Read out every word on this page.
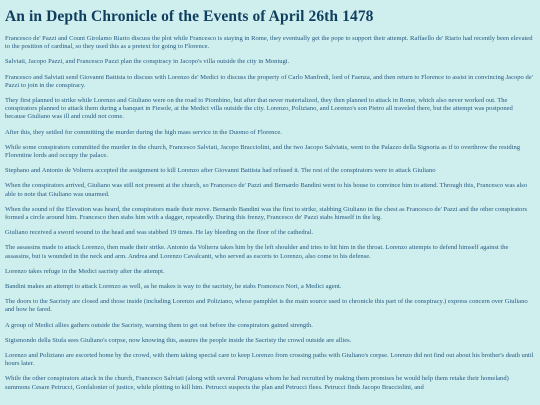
An in Depth Chronicle of the Events of April 26th 1478

Francesco de' Pazzi and Count Girolamo Riario discuss the plot while Francesco is staying in Rome, they eventually get the pope to support their attempt. Raffaello de' Riario had recently been elevated to the position of cardinal, so they used this as a pretext for going to Florence.

Salviati, Jacopo Pazzi, and Francesco Pazzi plan the conspiracy in Jacopo's villa outside the city in Montugi.

Francesco and Salviati send Giovanni Battista to discuss with Lorenzo de' Medici to discuss the property of Carlo Manfredi, lord of Faenza, and then return to Florence to assist in convincing Jacopo de' Pazzi to join in the conspiracy.

They first planned to strike while Lorenzo and Giuliano were on the road to Piombino, but after that never materialized, they then planned to attack in Rome, which also never worked out. The conspirators planned to attack them during a banquet in Fiesole, at the Medici villa outside the city. Lorenzo, Poliziano, and Lorenzo's son Pietro all traveled there, but the attempt was postponed because Giuliano was ill and could not come.

After this, they settled for committing the murder during the high mass service in the Duomo of Florence.

While some conspirators committed the murder in the church, Francesco Salviati, Jacopo Bracciolini, and the two Jacopo Salviatis, went to the Palazzo della Signoria as if to overthrow the residing Florentine lords and occupy the palace.

Stephano and Antonio de Volterra accepted the assignment to kill Lorenzo after Giovanni Battista had refused it. The rest of the conspirators were to attack Giuliano

When the conspirators arrived, Giuliano was still not present at the church, so Francesco de' Pazzi and Bernardo Bandini went to his house to convince him to attend. Through this, Francesco was also able to note that Giuliano was unarmed.

When the sound of the Elevation was heard, the conspirators made their move. Bernardo Bandini was the first to strike, stabbing Giuliano in the chest as Francesco de' Pazzi and the other conspirators formed a circle around him. Francesco then stabs him with a dagger, repeatedly. During this frenzy, Francesco de' Pazzi stabs himself in the leg.

Giuliano received a sword wound to the head and was stabbed 19 times. He lay bleeding on the floor of the cathedral.

The assassins made to attack Lorenzo, then made their strike. Antonio da Volterra takes him by the left shoulder and tries to hit him in the throat. Lorenzo attempts to defend himself against the assassins, but is wounded in the neck and arm. Andrea and Lorenzo Cavalcanti, who served as escorts to Lorenzo, also come to his defense.

Lorenzo takes refuge in the Medici sacristy after the attempt.

Bandini makes an attempt to attack Lorenzo as well, as he makes is way to the sacristy, he stabs Francesco Nori, a Medici agent.

The doors to the Sacristy are closed and those inside (including Lorenzo and Poliziano, whose pamphlet is the main source used to chronicle this part of the conspiracy.) express concern over Giuliano and how he fared.

A group of Medici allies gathers outside the Sacristy, warning them to get out before the conspirators gained strength.

Sigismondo della Stufa sees Giuliano's corpse, now knowing this, assures the people inside the Sacristy the crowd outside are allies.

Lorenzo and Poliziano are escorted home by the crowd, with them taking special care to keep Lorenzo from crossing paths with Giuliano's corpse. Lorenzo did not find out about his brother's death until hours later.

While the other conspirators attack in the church, Francesco Salviati (along with several Perugians whom he had recruited by making them promises he would help them retake their homeland) summons Cesare Petrucci, Gonfalonier of justice, while plotting to kill him. Petrucci suspects the plan and Petrucci flees. Petrucci finds Jacopo Bracciolini, and
